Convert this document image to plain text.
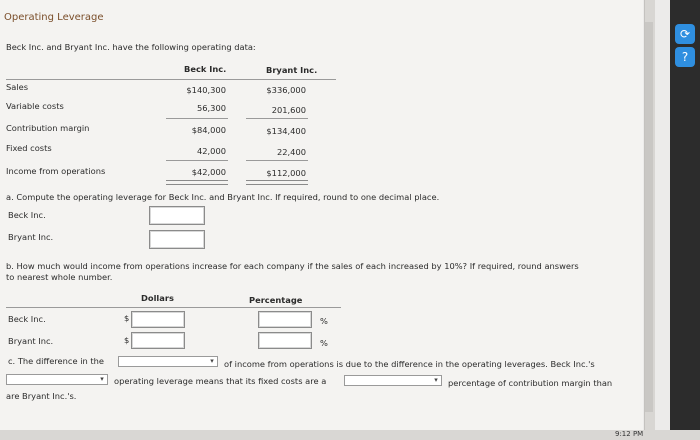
Operating Leverage
Beck Inc. and Bryant Inc. have the following operating data:
Beck Inc.	Bryant Inc.
Sales	$140,300	$336,000
Variable costs	56,300	201,600
Contribution margin	$84,000	$134,400
Fixed costs	42,000	22,400
Income from operations	$42,000	$112,000
a. Compute the operating leverage for Beck Inc. and Bryant Inc. If required, round to one decimal place.
Beck Inc.
Bryant Inc.
b. How much would income from operations increase for each company if the sales of each increased by 10%? If required, round answers
to nearest whole number.
Dollars	Percentage
Beck Inc.	$	%
Bryant Inc.	$	%
c. The difference in the	▾ of income from operations is due to the difference in the operating leverages. Beck Inc.'s
▾ operating leverage means that its fixed costs are a	▾ percentage of contribution margin than
are Bryant Inc.'s.
⟳
?
9:12 PM
